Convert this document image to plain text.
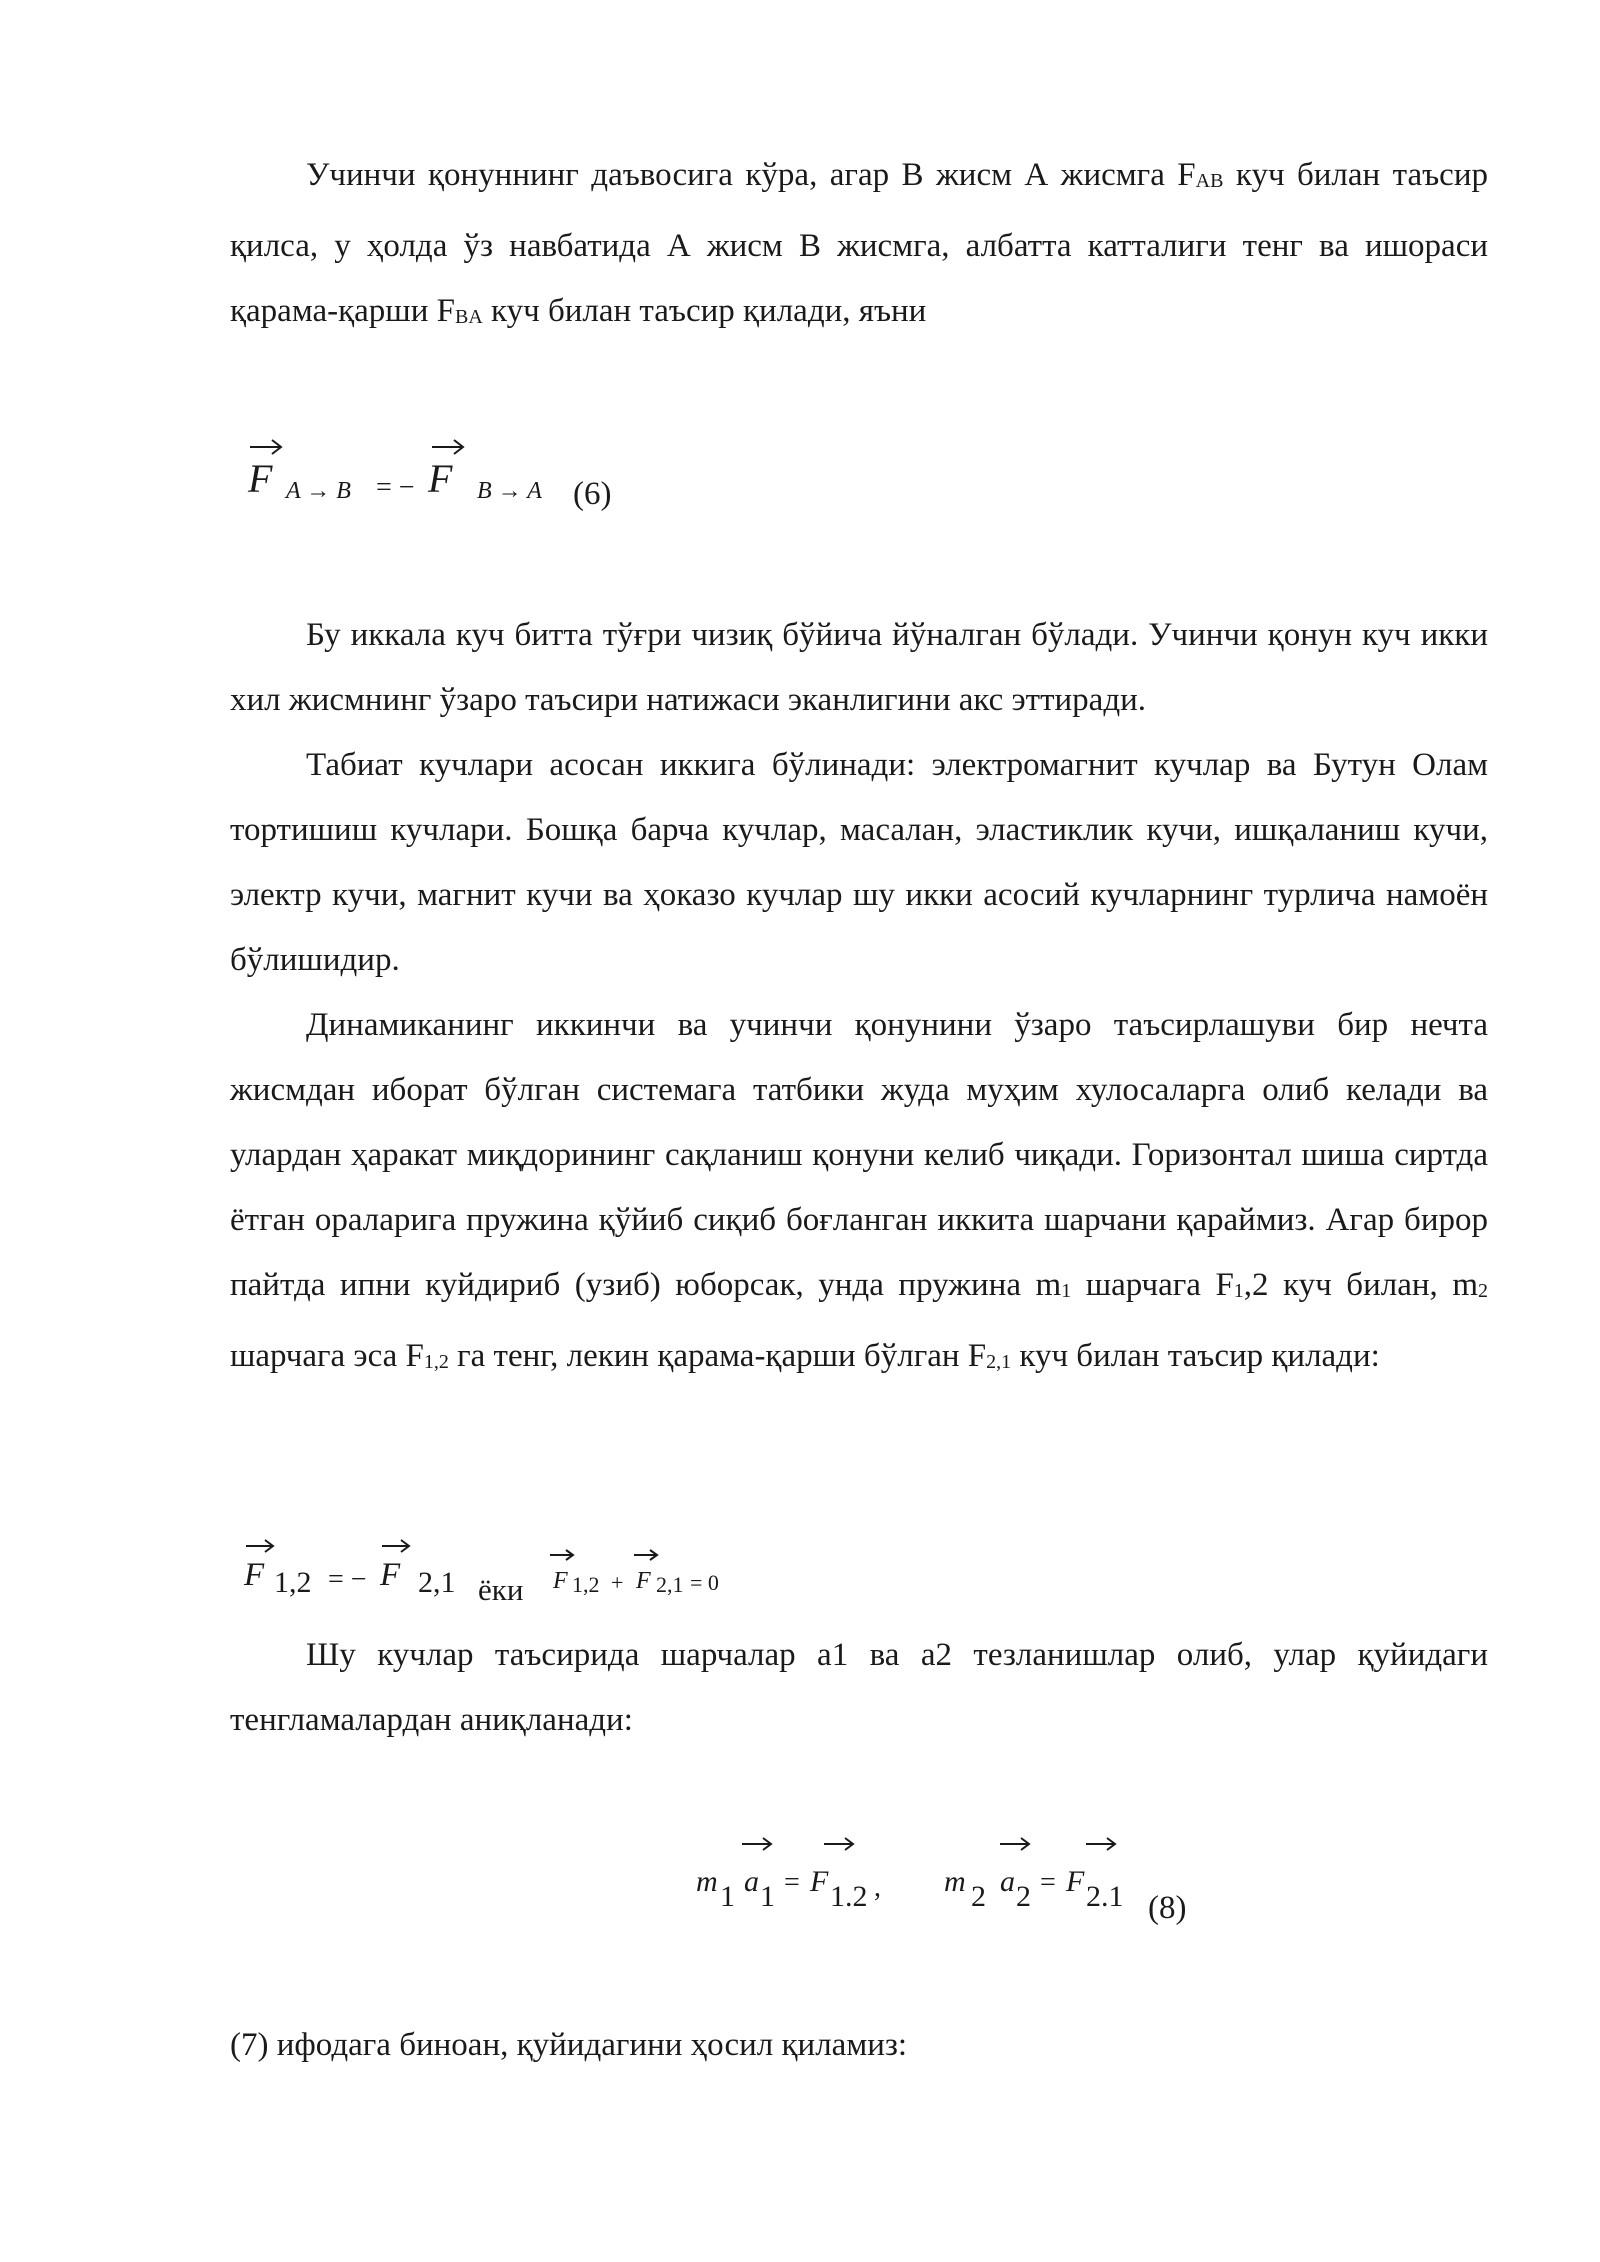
Учинчи қонуннинг даъвосига кўра, агар В жисм А жисмга FAB куч билан таъсир қилса, у ҳолда ўз навбатида А жисм В жисмга, албатта катталиги тенг ва ишораси қарама-қарши FBA куч билан таъсир қилади, яъни

F A → B = − F B → A (6)

Бу иккала куч битта тўғри чизиқ бўйича йўналган бўлади. Учинчи қонун куч икки хил жисмнинг ўзаро таъсири натижаси эканлигини акс эттиради.

Табиат кучлари асосан иккига бўлинади: электромагнит кучлар ва Бутун Олам тортишиш кучлари. Бошқа барча кучлар, масалан, эластиклик кучи, ишқаланиш кучи, электр кучи, магнит кучи ва ҳоказо кучлар шу икки асосий кучларнинг турлича намоён бўлишидир.

Динамиканинг иккинчи ва учинчи қонунини ўзаро таъсирлашуви бир нечта жисмдан иборат бўлган системага татбики жуда муҳим хулосаларга олиб келади ва улардан ҳаракат миқдорининг сақланиш қонуни келиб чиқади. Горизонтал шиша сиртда ётган ораларига пружина қўйиб сиқиб боғланган иккита шарчани қараймиз. Агар бирор пайтда ипни куйдириб (узиб) юборсак, унда пружина m1 шарчага F1,2 куч билан, m2 шарчага эса F1,2 га тенг, лекин қарама-қарши бўлган F2,1 куч билан таъсир қилади:

F 1,2 = − F 2,1 ёки F 1,2 + F 2,1 = 0

Шу кучлар таъсирида шарчалар a1 ва a2 тезланишлар олиб, улар қуйидаги тенгламалардан аниқланади:

m 1 a 1 = F 1.2 , m 2 a 2 = F 2.1 (8)

(7) ифодага биноан, қуйидагини ҳосил қиламиз:
